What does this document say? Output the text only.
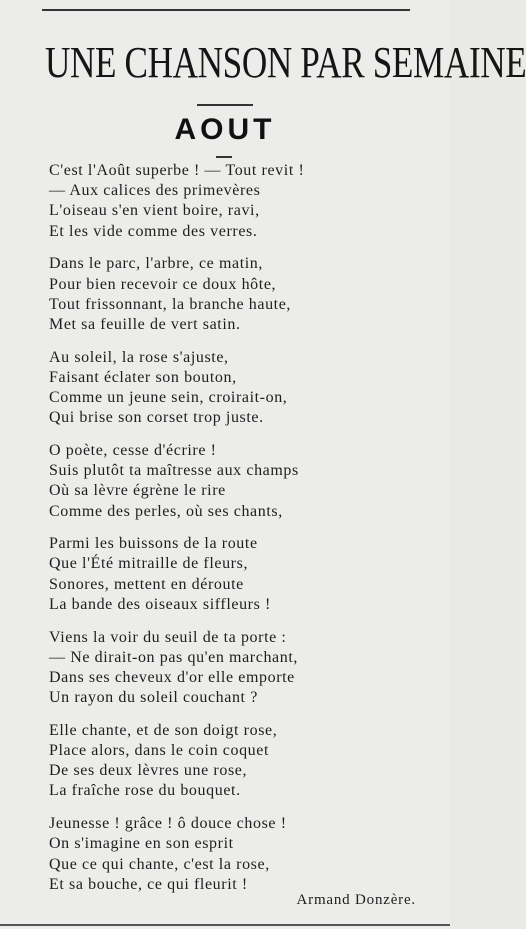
UNE CHANSON PAR SEMAINE
AOUT
C'est l'Août superbe ! — Tout revit !
— Aux calices des primevères
L'oiseau s'en vient boire, ravi,
Et les vide comme des verres.
Dans le parc, l'arbre, ce matin,
Pour bien recevoir ce doux hôte,
Tout frissonnant, la branche haute,
Met sa feuille de vert satin.
Au soleil, la rose s'ajuste,
Faisant éclater son bouton,
Comme un jeune sein, croirait-on,
Qui brise son corset trop juste.
O poète, cesse d'écrire !
Suis plutôt ta maîtresse aux champs
Où sa lèvre égrène le rire
Comme des perles, où ses chants,
Parmi les buissons de la route
Que l'Été mitraille de fleurs,
Sonores, mettent en déroute
La bande des oiseaux siffleurs !
Viens la voir du seuil de ta porte :
— Ne dirait-on pas qu'en marchant,
Dans ses cheveux d'or elle emporte
Un rayon du soleil couchant ?
Elle chante, et de son doigt rose,
Place alors, dans le coin coquet
De ses deux lèvres une rose,
La fraîche rose du bouquet.
Jeunesse ! grâce ! ô douce chose !
On s'imagine en son esprit
Que ce qui chante, c'est la rose,
Et sa bouche, ce qui fleurit !
Armand Donzère.
